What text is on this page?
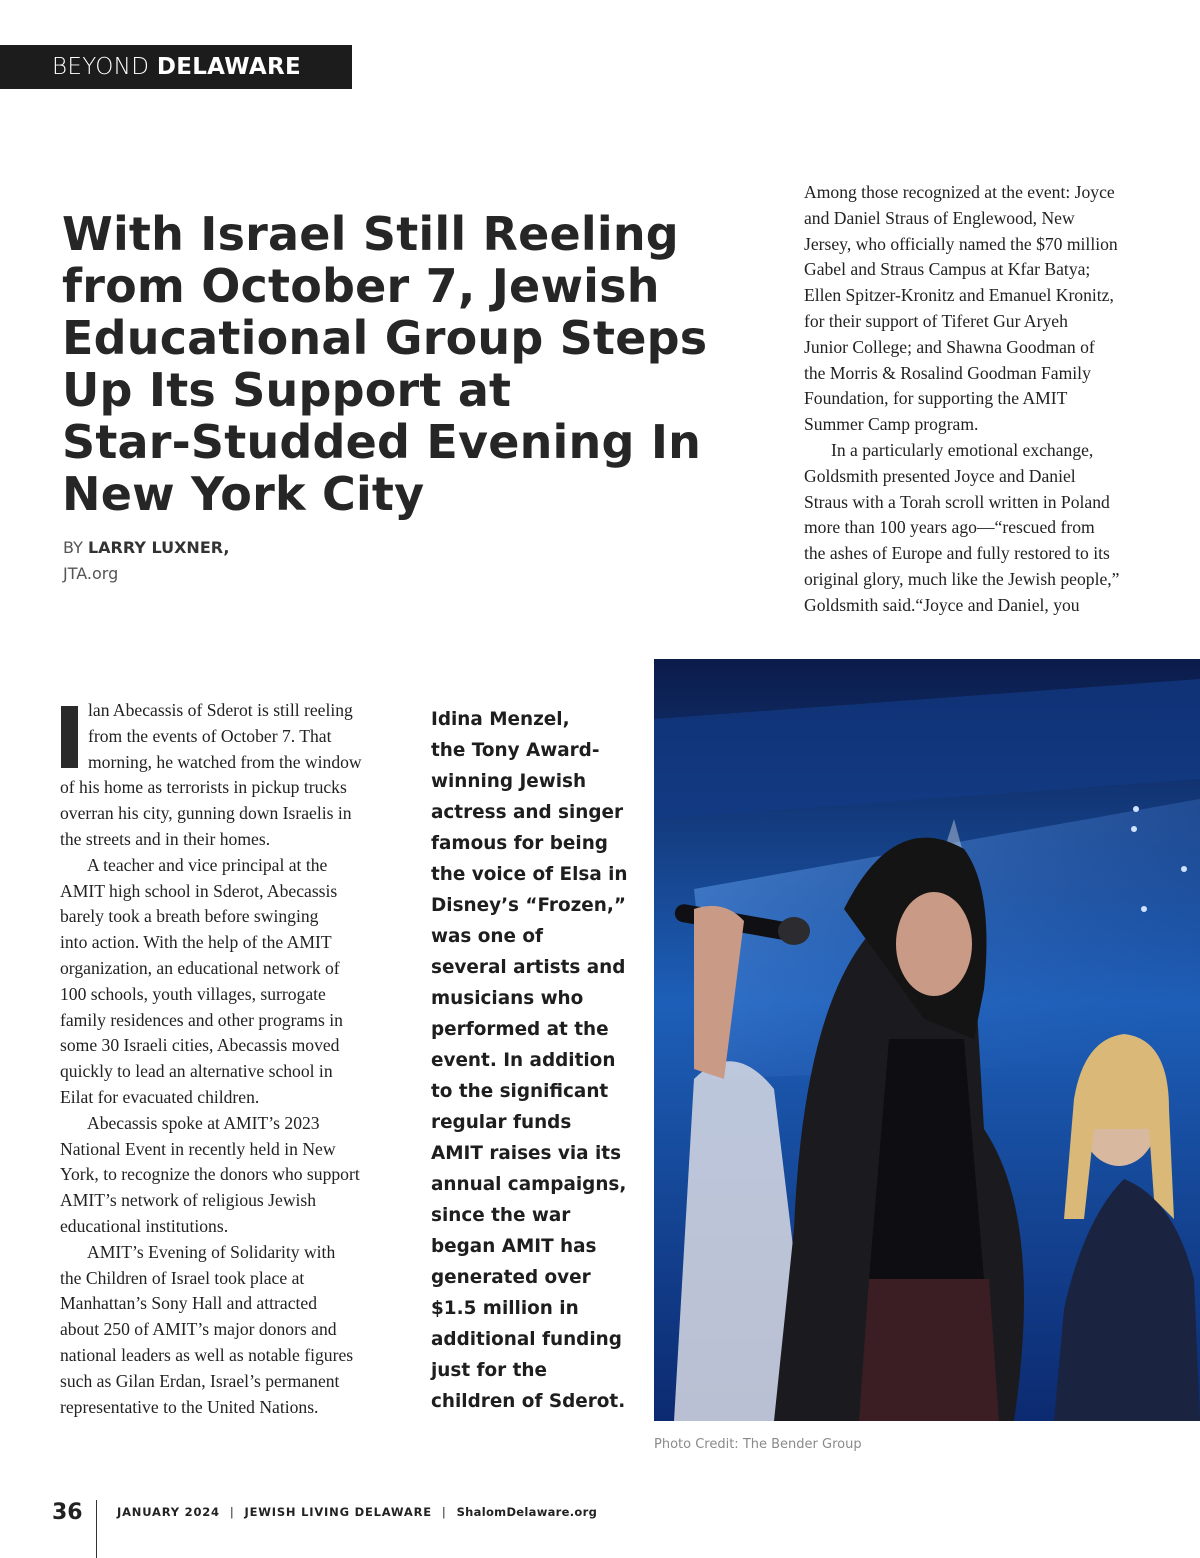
BEYOND DELAWARE
With Israel Still Reeling
from October 7, Jewish
Educational Group Steps
Up Its Support at
Star-Studded Evening In
New York City
BY LARRY LUXNER,
JTA.org
Among those recognized at the event: Joyce
and Daniel Straus of Englewood, New
Jersey, who officially named the $70 million
Gabel and Straus Campus at Kfar Batya;
Ellen Spitzer-Kronitz and Emanuel Kronitz,
for their support of Tiferet Gur Aryeh
Junior College; and Shawna Goodman of
the Morris & Rosalind Goodman Family
Foundation, for supporting the AMIT
Summer Camp program.
In a particularly emotional exchange,
Goldsmith presented Joyce and Daniel
Straus with a Torah scroll written in Poland
more than 100 years ago—“rescued from
the ashes of Europe and fully restored to its
original glory, much like the Jewish people,”
Goldsmith said.“Joyce and Daniel, you
lan Abecassis of Sderot is still reeling
from the events of October 7. That
morning, he watched from the window
of his home as terrorists in pickup trucks
overran his city, gunning down Israelis in
the streets and in their homes.
A teacher and vice principal at the
AMIT high school in Sderot, Abecassis
barely took a breath before swinging
into action. With the help of the AMIT
organization, an educational network of
100 schools, youth villages, surrogate
family residences and other programs in
some 30 Israeli cities, Abecassis moved
quickly to lead an alternative school in
Eilat for evacuated children.
Abecassis spoke at AMIT’s 2023
National Event in recently held in New
York, to recognize the donors who support
AMIT’s network of religious Jewish
educational institutions.
AMIT’s Evening of Solidarity with
the Children of Israel took place at
Manhattan’s Sony Hall and attracted
about 250 of AMIT’s major donors and
national leaders as well as notable figures
such as Gilan Erdan, Israel’s permanent
representative to the United Nations.
Idina Menzel,
the Tony Award-
winning Jewish
actress and singer
famous for being
the voice of Elsa in
Disney’s “Frozen,”
was one of
several artists and
musicians who
performed at the
event. In addition
to the significant
regular funds
AMIT raises via its
annual campaigns,
since the war
began AMIT has
generated over
$1.5 million in
additional funding
just for the
children of Sderot.
Photo Credit: The Bender Group
36	JANUARY 2024 | JEWISH LIVING DELAWARE | ShalomDelaware.org
